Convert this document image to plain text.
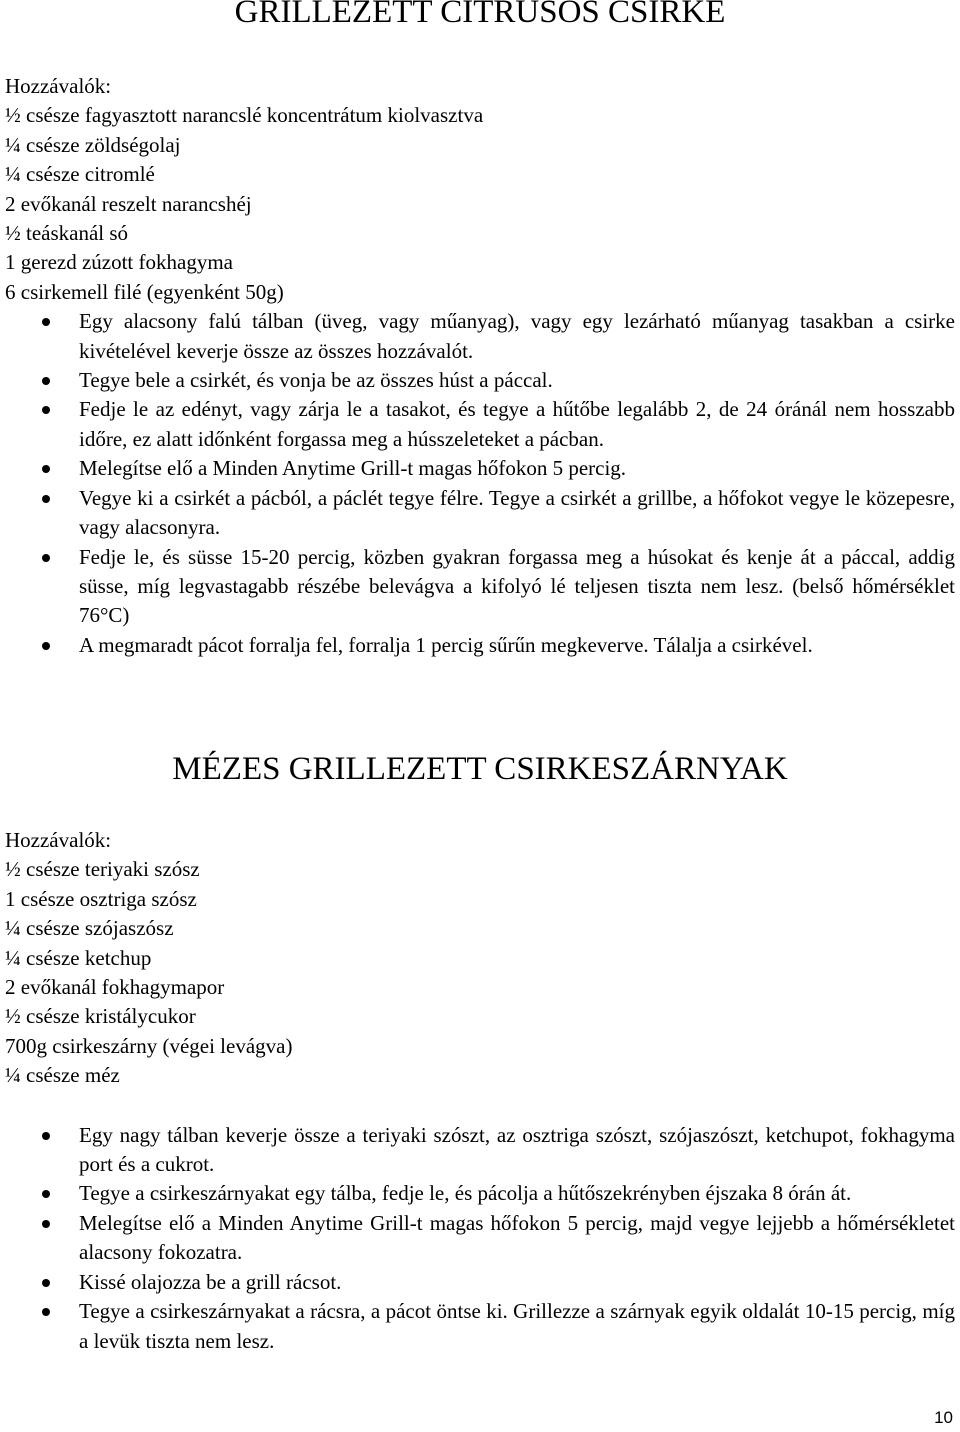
GRILLEZETT CITRUSOS CSIRKE

Hozzávalók:

½ csésze fagyasztott narancslé koncentrátum kiolvasztva
¼ csésze zöldségolaj
¼ csésze citromlé
2 evőkanál reszelt narancshéj
½ teáskanál só
1 gerezd zúzott fokhagyma
6 csirkemell filé (egyenként 50g)
Egy alacsony falú tálban (üveg, vagy műanyag), vagy egy lezárható műanyag tasakban a csirke kivételével keverje össze az összes hozzávalót.
Tegye bele a csirkét, és vonja be az összes húst a páccal.
Fedje le az edényt, vagy zárja le a tasakot, és tegye a hűtőbe legalább 2, de 24 óránál nem hosszabb időre, ez alatt időnként forgassa meg a hússzeleteket a pácban.
Melegítse elő a Minden Anytime Grill-t magas hőfokon 5 percig.
Vegye ki a csirkét a pácból, a páclét tegye félre. Tegye a csirkét a grillbe, a hőfokot vegye le közepesre, vagy alacsonyra.
Fedje le, és süsse 15-20 percig, közben gyakran forgassa meg a húsokat és kenje át a páccal, addig süsse, míg legvastagabb részébe belevágva a kifolyó lé teljesen tiszta nem lesz. (belső hőmérséklet 76°C)
A megmaradt pácot forralja fel, forralja 1 percig sűrűn megkeverve. Tálalja a csirkével.
MÉZES GRILLEZETT CSIRKESZÁRNYAK

Hozzávalók:

½ csésze teriyaki szósz
1 csésze osztriga szósz
¼ csésze szójaszósz
¼ csésze ketchup
2 evőkanál fokhagymapor
½ csésze kristálycukor
700g csirkeszárny (végei levágva)
¼ csésze méz
Egy nagy tálban keverje össze a teriyaki szószt, az osztriga szószt, szójaszószt, ketchupot, fokhagyma port és a cukrot.
Tegye a csirkeszárnyakat egy tálba, fedje le, és pácolja a hűtőszekrényben éjszaka 8 órán át.
Melegítse elő a Minden Anytime Grill-t magas hőfokon 5 percig, majd vegye lejjebb a hőmérsékletet alacsony fokozatra.
Kissé olajozza be a grill rácsot.
Tegye a csirkeszárnyakat a rácsra, a pácot öntse ki. Grillezze a szárnyak egyik oldalát 10-15 percig, míg a levük tiszta nem lesz.
10
